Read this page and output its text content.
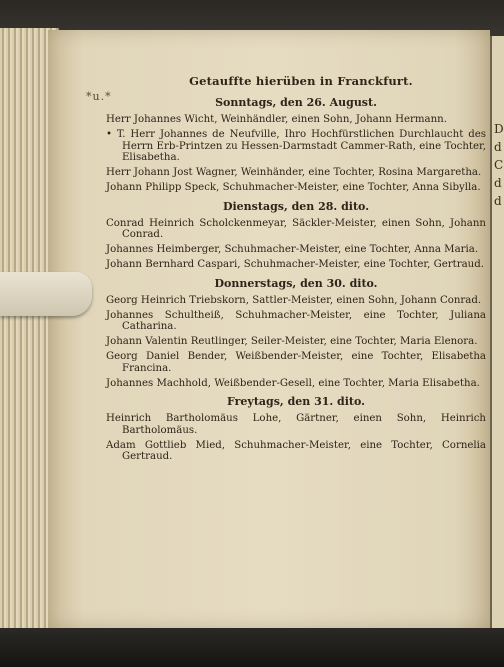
D
d
C
d
d
*u.*
Getauffte hierüben in Franckfurt.
Sonntags, den 26. August.

Herr Johannes Wicht, Weinhändler, einen Sohn, Johann Hermann.

• T. Herr Johannes de Neufville, Ihro Hochfürstlichen Durchlaucht des Herrn Erb-Printzen zu Hessen-Darmstadt Cammer-Rath, eine Tochter, Elisabetha.

Herr Johann Jost Wagner, Weinhänder, eine Tochter, Rosina Margaretha.

Johann Philipp Speck, Schuhmacher-Meister, eine Tochter, Anna Sibylla.

Dienstags, den 28. dito.

Conrad Heinrich Scholckenmeyar, Säckler-Meister, einen Sohn, Johann Conrad.

Johannes Heimberger, Schuhmacher-Meister, eine Tochter, Anna Maria.

Johann Bernhard Caspari, Schuhmacher-Meister, eine Tochter, Gertraud.

Donnerstags, den 30. dito.

Georg Heinrich Triebskorn, Sattler-Meister, einen Sohn, Johann Conrad.

Johannes Schultheiß, Schuhmacher-Meister, eine Tochter, Juliana Catharina.

Johann Valentin Reutlinger, Seiler-Meister, eine Tochter, Maria Elenora.

Georg Daniel Bender, Weißbender-Meister, eine Tochter, Elisabetha Francina.

Johannes Machhold, Weißbender-Gesell, eine Tochter, Maria Elisabetha.

Freytags, den 31. dito.

Heinrich Bartholomäus Lohe, Gärtner, einen Sohn, Heinrich Bartholomäus.

Adam Gottlieb Mied, Schuhmacher-Meister, eine Tochter, Cornelia Gertraud.
